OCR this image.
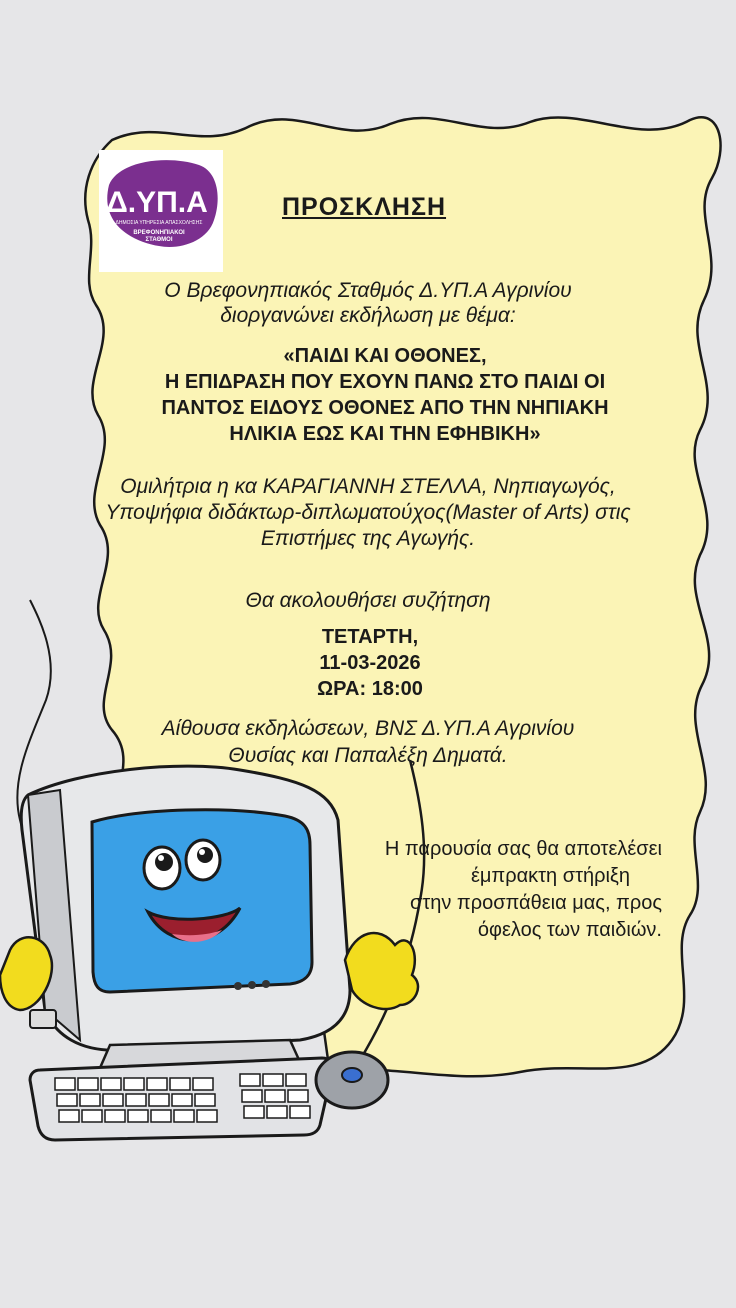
Δ.ΥΠ.Α
ΔΗΜΟΣΙΑ ΥΠΗΡΕΣΙΑ ΑΠΑΣΧΟΛΗΣΗΣ
ΒΡΕΦΟΝΗΠΙΑΚΟΙ
ΣΤΑΘΜΟΙ
ΠΡΟΣΚΛΗΣΗ
Ο Βρεφονηπιακός Σταθμός Δ.ΥΠ.Α Αγρινίου
διοργανώνει εκδήλωση με θέμα:
«ΠΑΙΔΙ ΚΑΙ ΟΘΟΝΕΣ,
Η ΕΠΙΔΡΑΣΗ ΠΟΥ ΕΧΟΥΝ ΠΑΝΩ ΣΤΟ ΠΑΙΔΙ ΟΙ
ΠΑΝΤΟΣ ΕΙΔΟΥΣ ΟΘΟΝΕΣ ΑΠΟ ΤΗΝ ΝΗΠΙΑΚΗ
ΗΛΙΚΙΑ ΕΩΣ ΚΑΙ ΤΗΝ ΕΦΗΒΙΚΗ»
Ομιλήτρια η κα ΚΑΡΑΓΙΑΝΝΗ ΣΤΕΛΛΑ, Νηπιαγωγός,
Υποψήφια διδάκτωρ-διπλωματούχος(Master of Arts) στις
Επιστήμες της Αγωγής.
Θα ακολουθήσει συζήτηση
ΤΕΤΑΡΤΗ,
11-03-2026
ΩΡΑ: 18:00
Αίθουσα εκδηλώσεων, ΒΝΣ Δ.ΥΠ.Α Αγρινίου
Θυσίας και Παπαλέξη Δηματά.
Η παρουσία σας θα αποτελέσει
έμπρακτη στήριξη
στην προσπάθεια μας, προς
όφελος των παιδιών.
